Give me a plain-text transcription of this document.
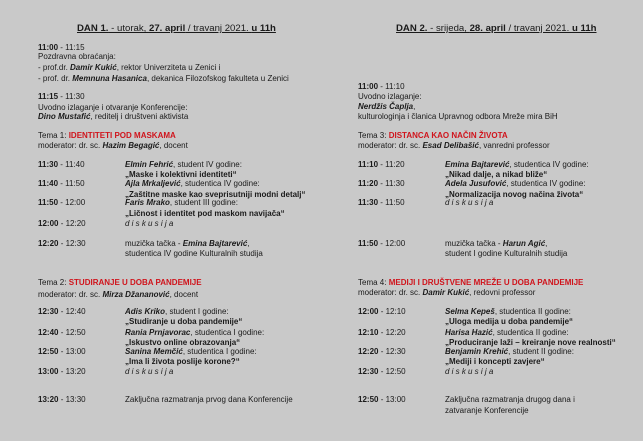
DAN 1. - utorak, 27. april / travanj 2021. u 11h
11:00 - 11:15
Pozdravna obraćanja:
- prof.dr. Damir Kukić, rektor Univerziteta u Zenici i
- prof. dr. Memnuna Hasanica, dekanica Filozofskog fakulteta u Zenici
11:15 - 11:30
Uvodno izlaganje i otvaranje Konferencije:
Dino Mustafić, reditelj i društveni aktivista
Tema 1: IDENTITETI POD MASKAMA
moderator: dr. sc. Hazim Begagić, docent
11:30 - 11:40	Elmin Fehrić, student IV godine:
„Maske i kolektivni identiteti“
11:40 - 11:50	Ajla Mrkaljević, studentica IV godine:
„Zaštitne maske kao sveprisutniji modni detalj“
11:50 - 12:00	Faris Mrako, student III godine:
„Ličnost i identitet pod maskom navijača“
12:00 - 12:20	diskusija
12:20 - 12:30	muzička tačka - Emina Bajtarević,
studentica IV godine Kulturalnih studija
Tema 2: STUDIRANJE U DOBA PANDEMIJE
moderator: dr. sc. Mirza Džananović, docent
12:30 - 12:40	Adis Kriko, student I godine:
„Studiranje u doba pandemije“
12:40 - 12:50	Rania Prnjavorac, studentica I godine:
„Iskustvo online obrazovanja“
12:50 - 13:00	Sanina Memčić, studentica I godine:
„Ima li života poslije korone?“
13:00 - 13:20	diskusija
13:20 - 13:30	Zaključna razmatranja prvog dana Konferencije
DAN 2. - srijeda, 28. april / travanj 2021. u 11h
11:00 - 11:10
Uvodno izlaganje:
Nerdžis Čaplja,
kulturologinja i članica Upravnog odbora Mreže mira BiH
Tema 3: DISTANCA KAO NAČIN ŽIVOTA
moderator: dr. sc. Esad Delibašić, vanredni professor
11:10 - 11:20	Emina Bajtarević, studentica IV godine:
„Nikad dalje, a nikad bliže“
11:20 - 11:30	Adela Jusufović, studentica IV godine:
„Normalizacija novog načina života“
11:30 - 11:50	diskusija
11:50 - 12:00	muzička tačka - Harun Agić,
student I godine Kulturalnih studija
Tema 4: MEDIJI I DRUŠTVENE MREŽE U DOBA PANDEMIJE
moderator: dr. sc. Damir Kukić, redovni professor
12:00 - 12:10	Selma Kepeš, studentica II godine:
„Uloga medija u doba pandemije“
12:10 - 12:20	Harisa Hazić, studentica II godine:
„Produciranje laži – kreiranje nove realnosti“
12:20 - 12:30	Benjamin Krehić, student II godine:
„Mediji i koncepti zavjere“
12:30 - 12:50	diskusija
12:50 - 13:00	Zaključna razmatranja drugog dana i
zatvaranje Konferencije
